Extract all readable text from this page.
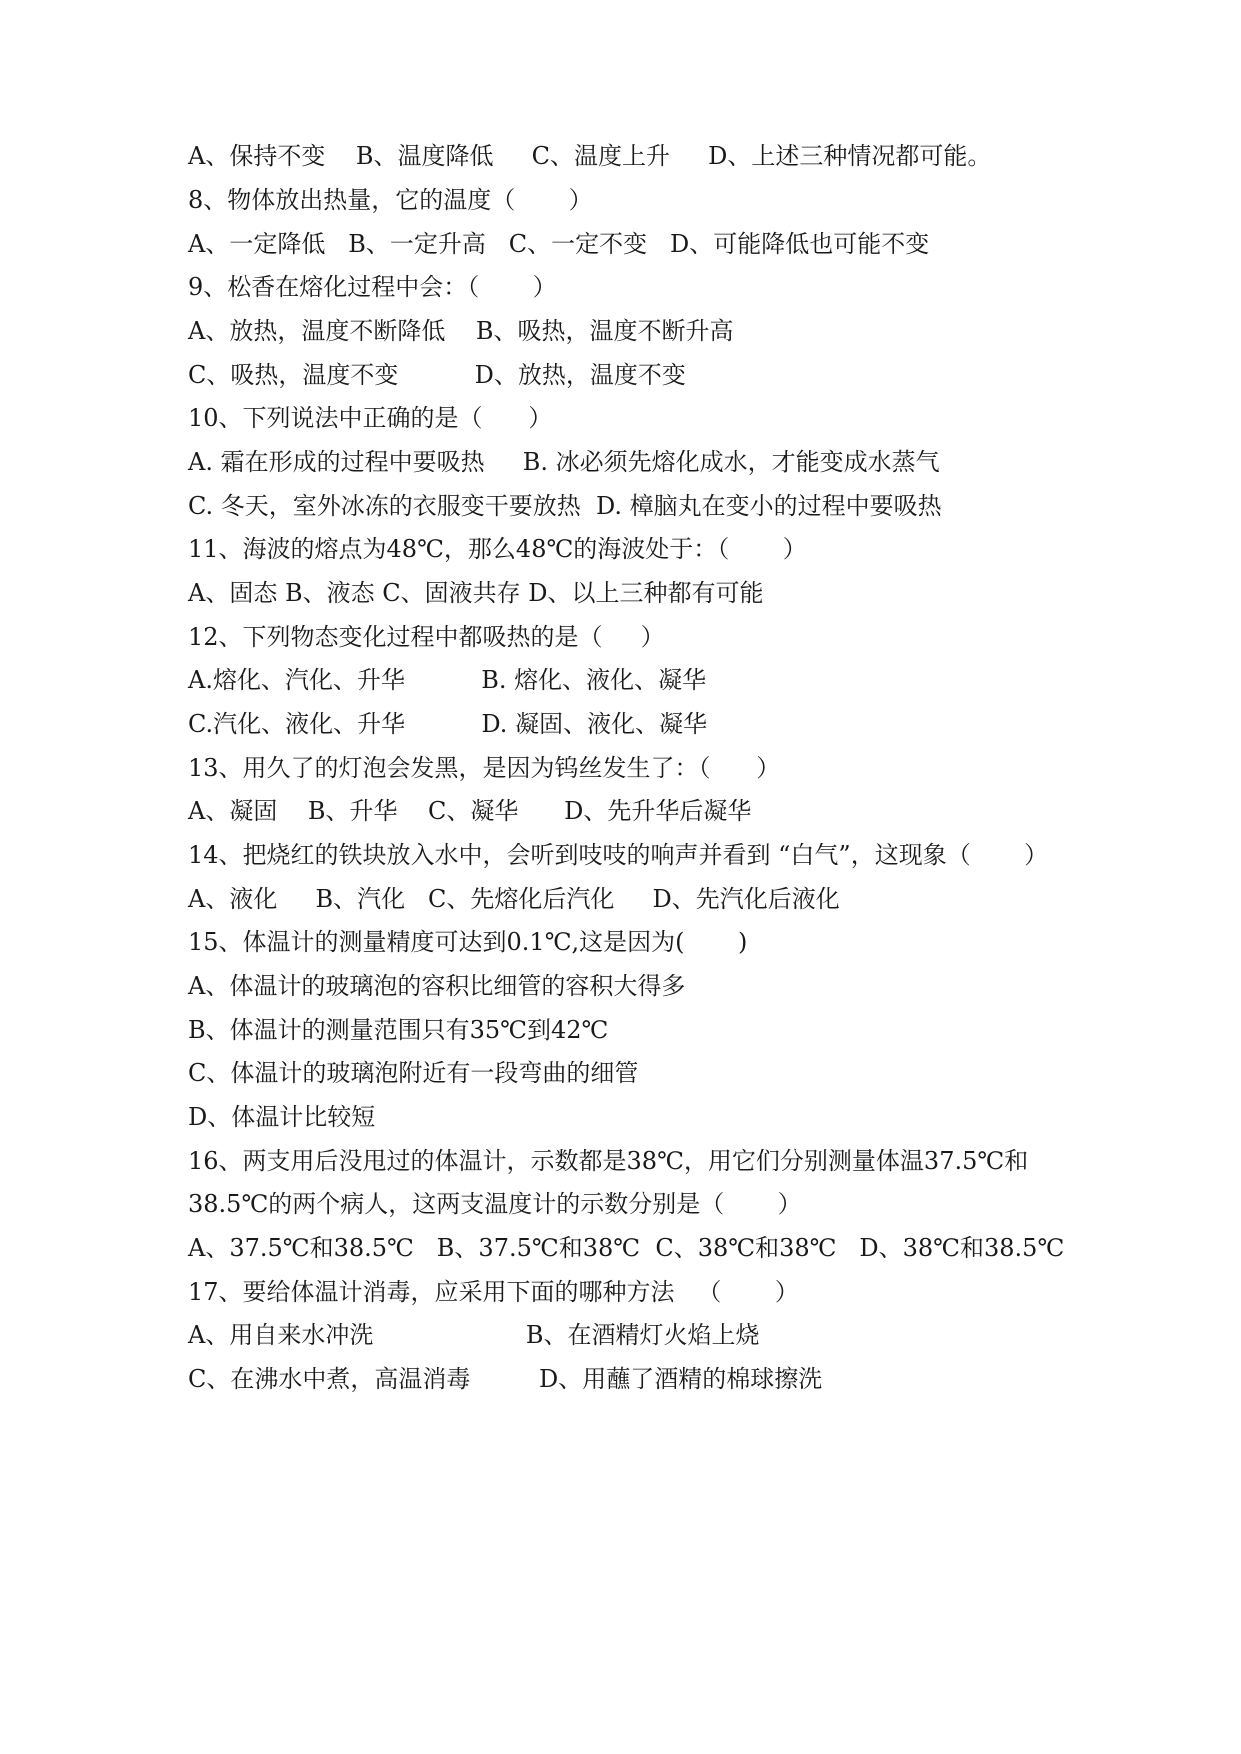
A、保持不变    B、温度降低     C、温度上升     D、上述三种情况都可能。
8、物体放出热量，它的温度（       ）
A、一定降低   B、一定升高   C、一定不变   D、可能降低也可能不变
9、松香在熔化过程中会：（       ）
A、放热，温度不断降低    B、吸热，温度不断升高
C、吸热，温度不变          D、放热，温度不变
10、下列说法中正确的是（      ）
A. 霜在形成的过程中要吸热     B. 冰必须先熔化成水，才能变成水蒸气
C. 冬天，室外冰冻的衣服变干要放热  D. 樟脑丸在变小的过程中要吸热
11、海波的熔点为48℃，那么48℃的海波处于：（       ）
A、固态 B、液态 C、固液共存 D、以上三种都有可能
12、下列物态变化过程中都吸热的是（     ）
A.熔化、汽化、升华          B. 熔化、液化、凝华
C.汽化、液化、升华          D. 凝固、液化、凝华
13、用久了的灯泡会发黑，是因为钨丝发生了：（      ）
A、凝固    B、升华    C、凝华      D、先升华后凝华
14、把烧红的铁块放入水中，会听到吱吱的响声并看到 “白气”，这现象（       ）
A、液化     B、汽化   C、先熔化后汽化     D、先汽化后液化
15、体温计的测量精度可达到0.1℃,这是因为(       )
A、体温计的玻璃泡的容积比细管的容积大得多
B、体温计的测量范围只有35℃到42℃
C、体温计的玻璃泡附近有一段弯曲的细管
D、体温计比较短
16、两支用后没甩过的体温计，示数都是38℃，用它们分别测量体温37.5℃和
38.5℃的两个病人，这两支温度计的示数分别是（       ）
A、37.5℃和38.5℃   B、37.5℃和38℃  C、38℃和38℃   D、38℃和38.5℃
17、要给体温计消毒，应采用下面的哪种方法   （       ）
A、用自来水冲洗                    B、在酒精灯火焰上烧
C、在沸水中煮，高温消毒         D、用蘸了酒精的棉球擦洗
